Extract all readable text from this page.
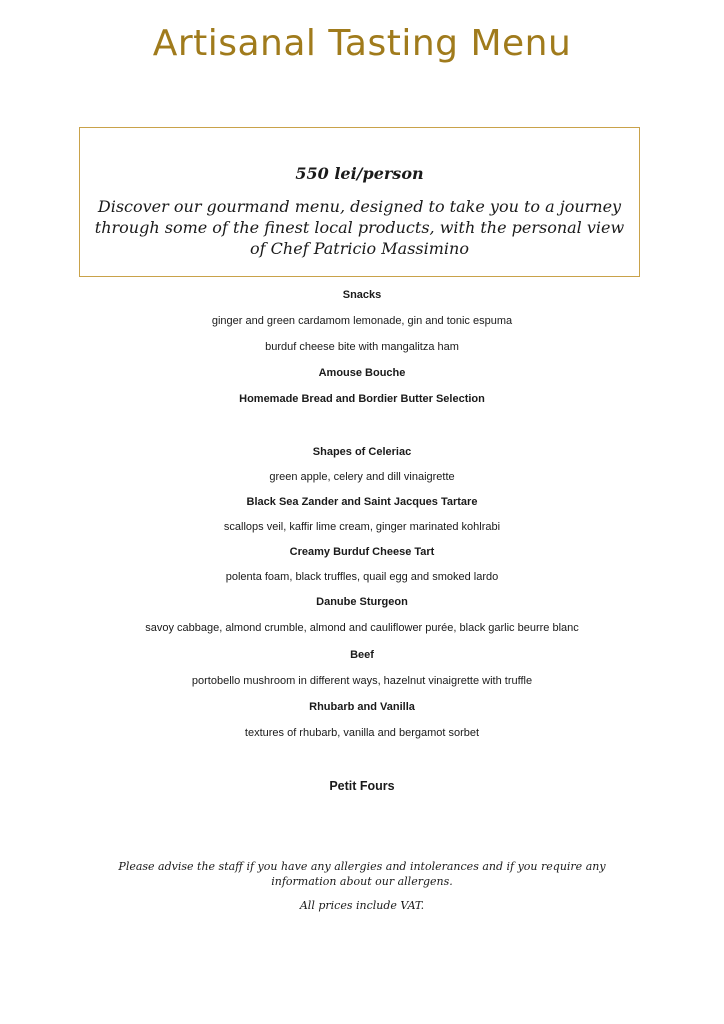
Artisanal Tasting Menu
550 lei/person
Discover our gourmand menu, designed to take you to a journey through some of the finest local products, with the personal view of Chef Patricio Massimino
Snacks
ginger and green cardamom lemonade, gin and tonic espuma
burduf cheese bite with mangalitza ham
Amouse Bouche
Homemade Bread and Bordier Butter Selection
Shapes of Celeriac
green apple, celery and dill vinaigrette
Black Sea Zander and Saint Jacques Tartare
scallops veil, kaffir lime cream, ginger marinated kohlrabi
Creamy Burduf Cheese Tart
polenta foam, black truffles, quail egg and smoked lardo
Danube Sturgeon
savoy cabbage, almond crumble, almond and cauliflower purée, black garlic beurre blanc
Beef
portobello mushroom in different ways, hazelnut vinaigrette with truffle
Rhubarb and Vanilla
textures of rhubarb, vanilla and bergamot sorbet
Petit Fours
Please advise the staff if you have any allergies and intolerances and if you require any information about our allergens.
All prices include VAT.
